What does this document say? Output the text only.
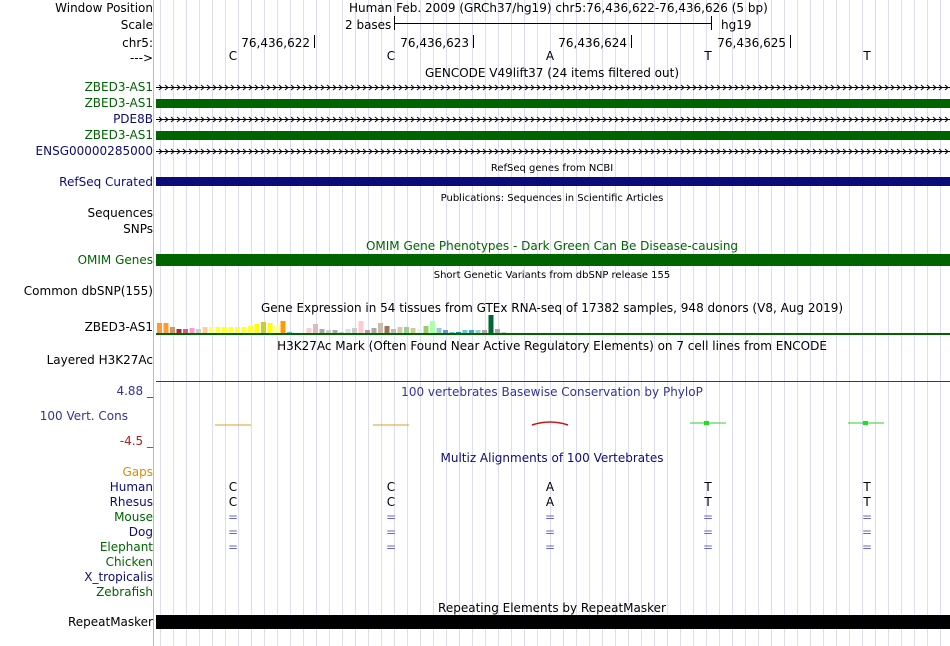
Window Position
Scale
chr5:
--->
Human Feb. 2009 (GRCh37/hg19) chr5:76,436,622-76,436,626 (5 bp)
2 bases	hg19
76,436,622	76,436,623	76,436,624	76,436,625
C	C	A	T	T
GENCODE V49lift37 (24 items filtered out)
ZBED3-AS1
ZBED3-AS1
PDE8B
ZBED3-AS1
ENSG00000285000
RefSeq genes from NCBI
RefSeq Curated
Publications: Sequences in Scientific Articles
Sequences
SNPs
OMIM Gene Phenotypes - Dark Green Can Be Disease-causing
OMIM Genes
Short Genetic Variants from dbSNP release 155
Common dbSNP(155)
Gene Expression in 54 tissues from GTEx RNA-seq of 17382 samples, 948 donors (V8, Aug 2019)
ZBED3-AS1
H3K27Ac Mark (Often Found Near Active Regulatory Elements) on 7 cell lines from ENCODE
Layered H3K27Ac
100 vertebrates Basewise Conservation by PhyloP
4.88 _
100 Vert. Cons
-4.5 _
Multiz Alignments of 100 Vertebrates
Gaps
Human	C	C	A	T	T
Rhesus	C	C	A	T	T
Mouse	=	=	=	=	=
Dog	=	=	=	=	=
Elephant	=	=	=	=	=
Chicken
X_tropicalis
Zebrafish
Repeating Elements by RepeatMasker
RepeatMasker
